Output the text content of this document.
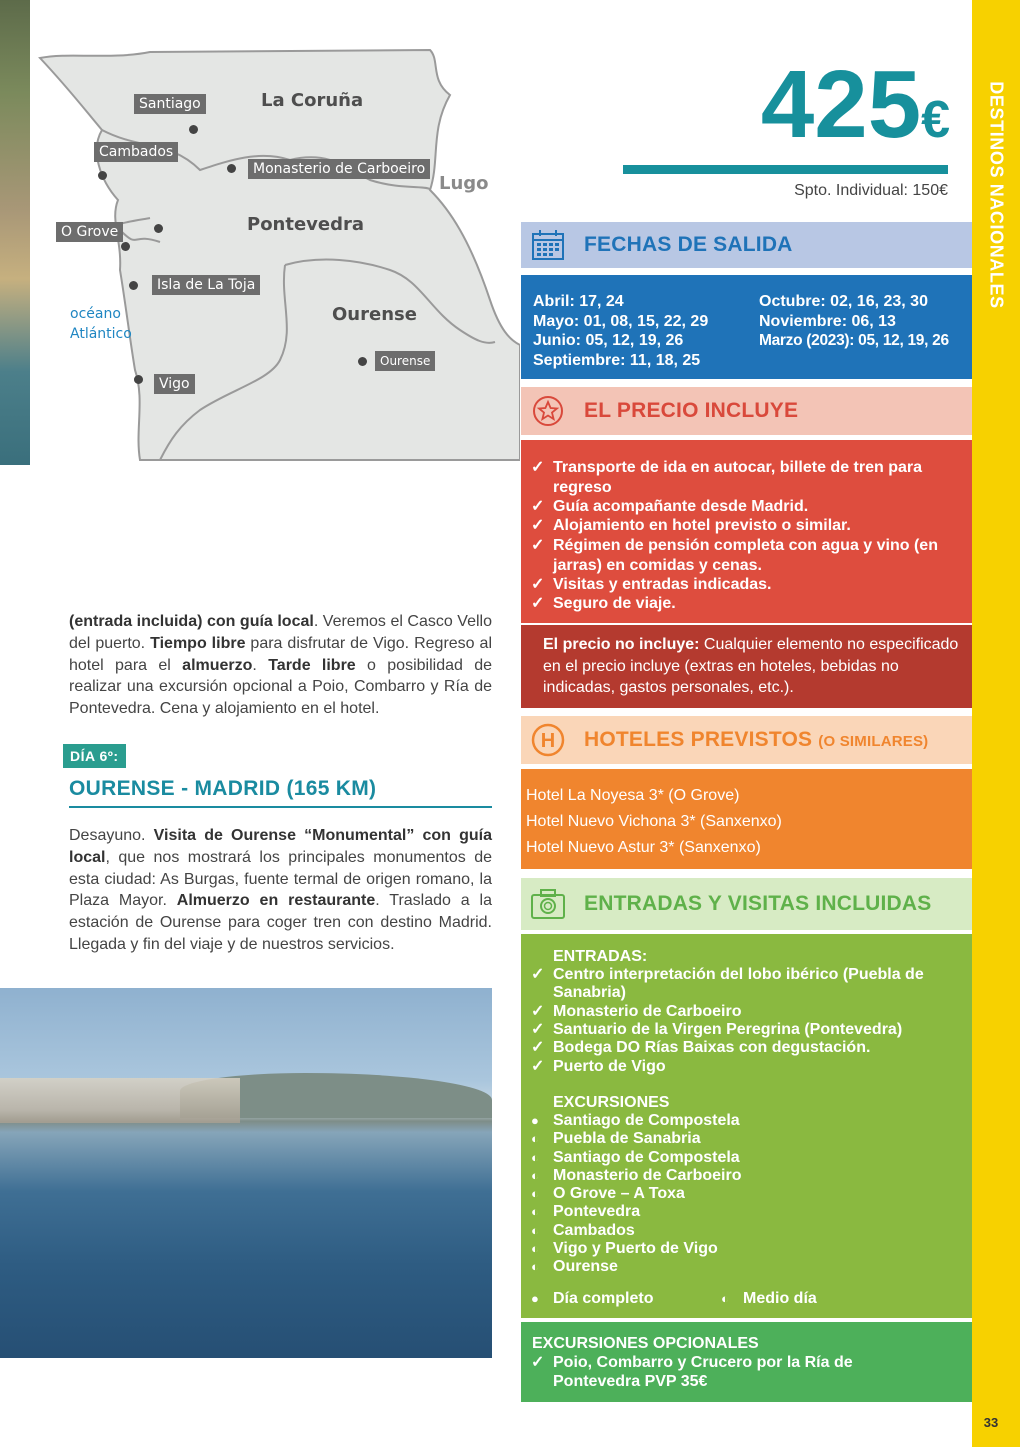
La Coruña
Pontevedra
Ourense
Lugo
Santiago
Cambados
Monasterio de Carboeiro
O Grove
Isla de La Toja
Vigo
Ourense
océano
Atlántico
(entrada incluida) con guía local. Veremos el Casco Vello del puerto. Tiempo libre para disfrutar de Vigo. Regreso al hotel para el almuerzo. Tarde libre o posibilidad de realizar una excursión opcional a Poio, Combarro y Ría de Pontevedra. Cena y alojamiento en el hotel.
DÍA 6º:
OURENSE - MADRID (165 KM)
Desayuno. Visita de Ourense “Monumental” con guía local, que nos mostrará los principales monumentos de esta ciudad: As Burgas, fuente termal de origen romano, la Plaza Mayor. Almuerzo en restaurante. Traslado a la estación de Ourense para coger tren con destino Madrid. Llegada y fin del viaje y de nuestros servicios.
425€
Spto. Individual: 150€
FECHAS DE SALIDA
Abril: 17, 24
Mayo: 01, 08, 15, 22, 29
Junio: 05, 12, 19, 26
Septiembre: 11, 18, 25
Octubre: 02, 16, 23, 30
Noviembre: 06, 13
Marzo (2023): 05, 12, 19, 26
EL PRECIO INCLUYE
✓ Transporte de ida en autocar, billete de tren para regreso
✓ Guía acompañante desde Madrid.
✓ Alojamiento en hotel previsto o similar.
✓ Régimen de pensión completa con agua y vino (en jarras) en comidas y cenas.
✓ Visitas y entradas indicadas.
✓ Seguro de viaje.
El precio no incluye: Cualquier elemento no especificado en el precio incluye (extras en hoteles, bebidas no indicadas, gastos personales, etc.).
H HOTELES PREVISTOS (O SIMILARES)
Hotel La Noyesa 3* (O Grove)
Hotel Nuevo Vichona 3* (Sanxenxo)
Hotel Nuevo Astur 3* (Sanxenxo)
ENTRADAS Y VISITAS INCLUIDAS
ENTRADAS:
✓ Centro interpretación del lobo ibérico (Puebla de Sanabria)
✓ Monasterio de Carboeiro
✓ Santuario de la Virgen Peregrina (Pontevedra)
✓ Bodega DO Rías Baixas con degustación.
✓ Puerto de Vigo
EXCURSIONES
● Santiago de Compostela
◐ Puebla de Sanabria
◐ Santiago de Compostela
◐ Monasterio de Carboeiro
◐ O Grove – A Toxa
◐ Pontevedra
◐ Cambados
◐ Vigo y Puerto de Vigo
◐ Ourense
● Día completo
◐	Medio día
EXCURSIONES OPCIONALES
✓ Poio, Combarro y Crucero por la Ría de
Pontevedra PVP 35€
DESTINOS NACIONALES
33
